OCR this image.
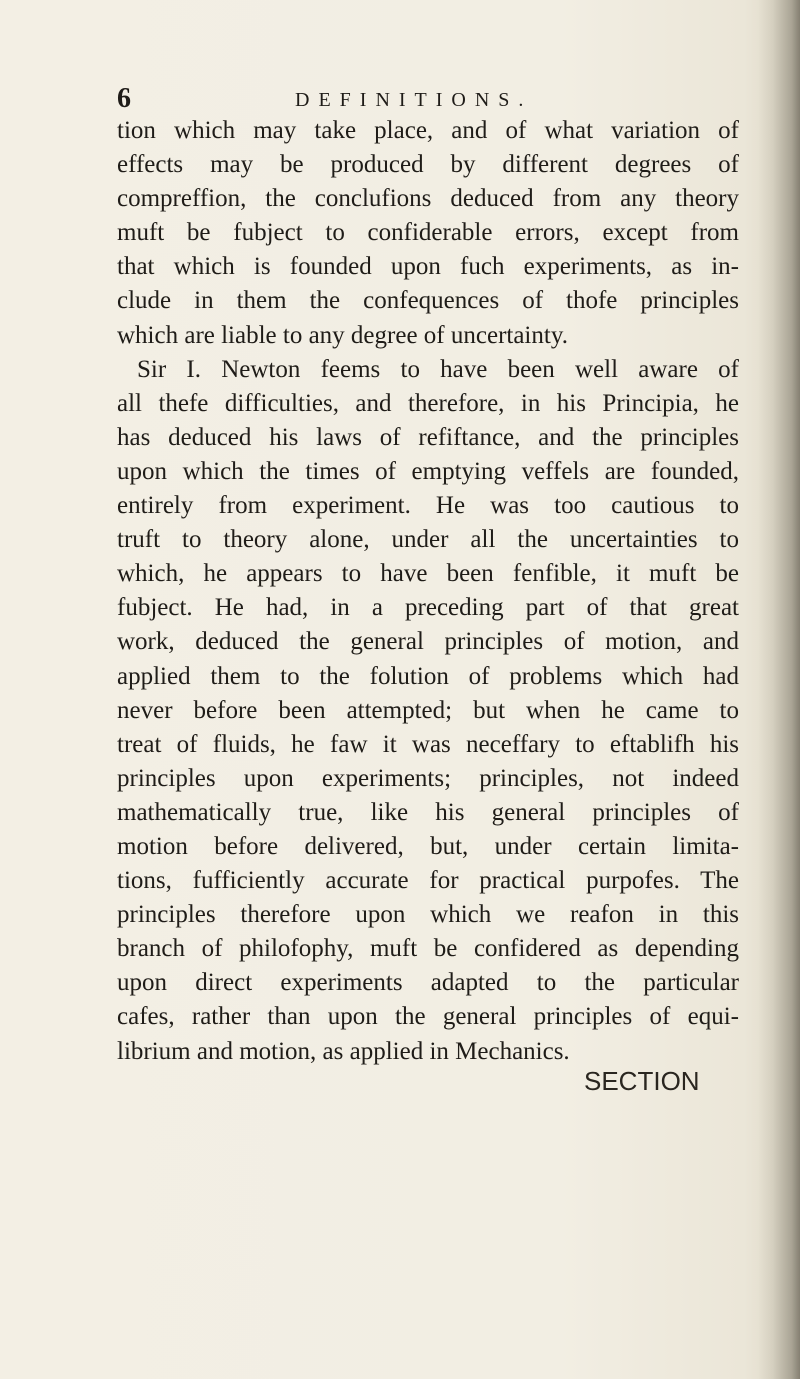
6	DEFINITIONS.
tion which may take place, and of what variation of
effects may be produced by different degrees of
compreffion, the conclufions deduced from any theory
muft be fubject to confiderable errors, except from
that which is founded upon fuch experiments, as in-
clude in them the confequences of thofe principles
which are liable to any degree of uncertainty.
Sir I. Newton feems to have been well aware of
all thefe difficulties, and therefore, in his Principia, he
has deduced his laws of refiftance, and the principles
upon which the times of emptying veffels are founded,
entirely from experiment. He was too cautious to
truft to theory alone, under all the uncertainties to
which, he appears to have been fenfible, it muft be
fubject. He had, in a preceding part of that great
work, deduced the general principles of motion, and
applied them to the folution of problems which had
never before been attempted; but when he came to
treat of fluids, he faw it was neceffary to eftablifh his
principles upon experiments; principles, not indeed
mathematically true, like his general principles of
motion before delivered, but, under certain limita-
tions, fufficiently accurate for practical purpofes. The
principles therefore upon which we reafon in this
branch of philofophy, muft be confidered as depending
upon direct experiments adapted to the particular
cafes, rather than upon the general principles of equi-
librium and motion, as applied in Mechanics.
SECTION
